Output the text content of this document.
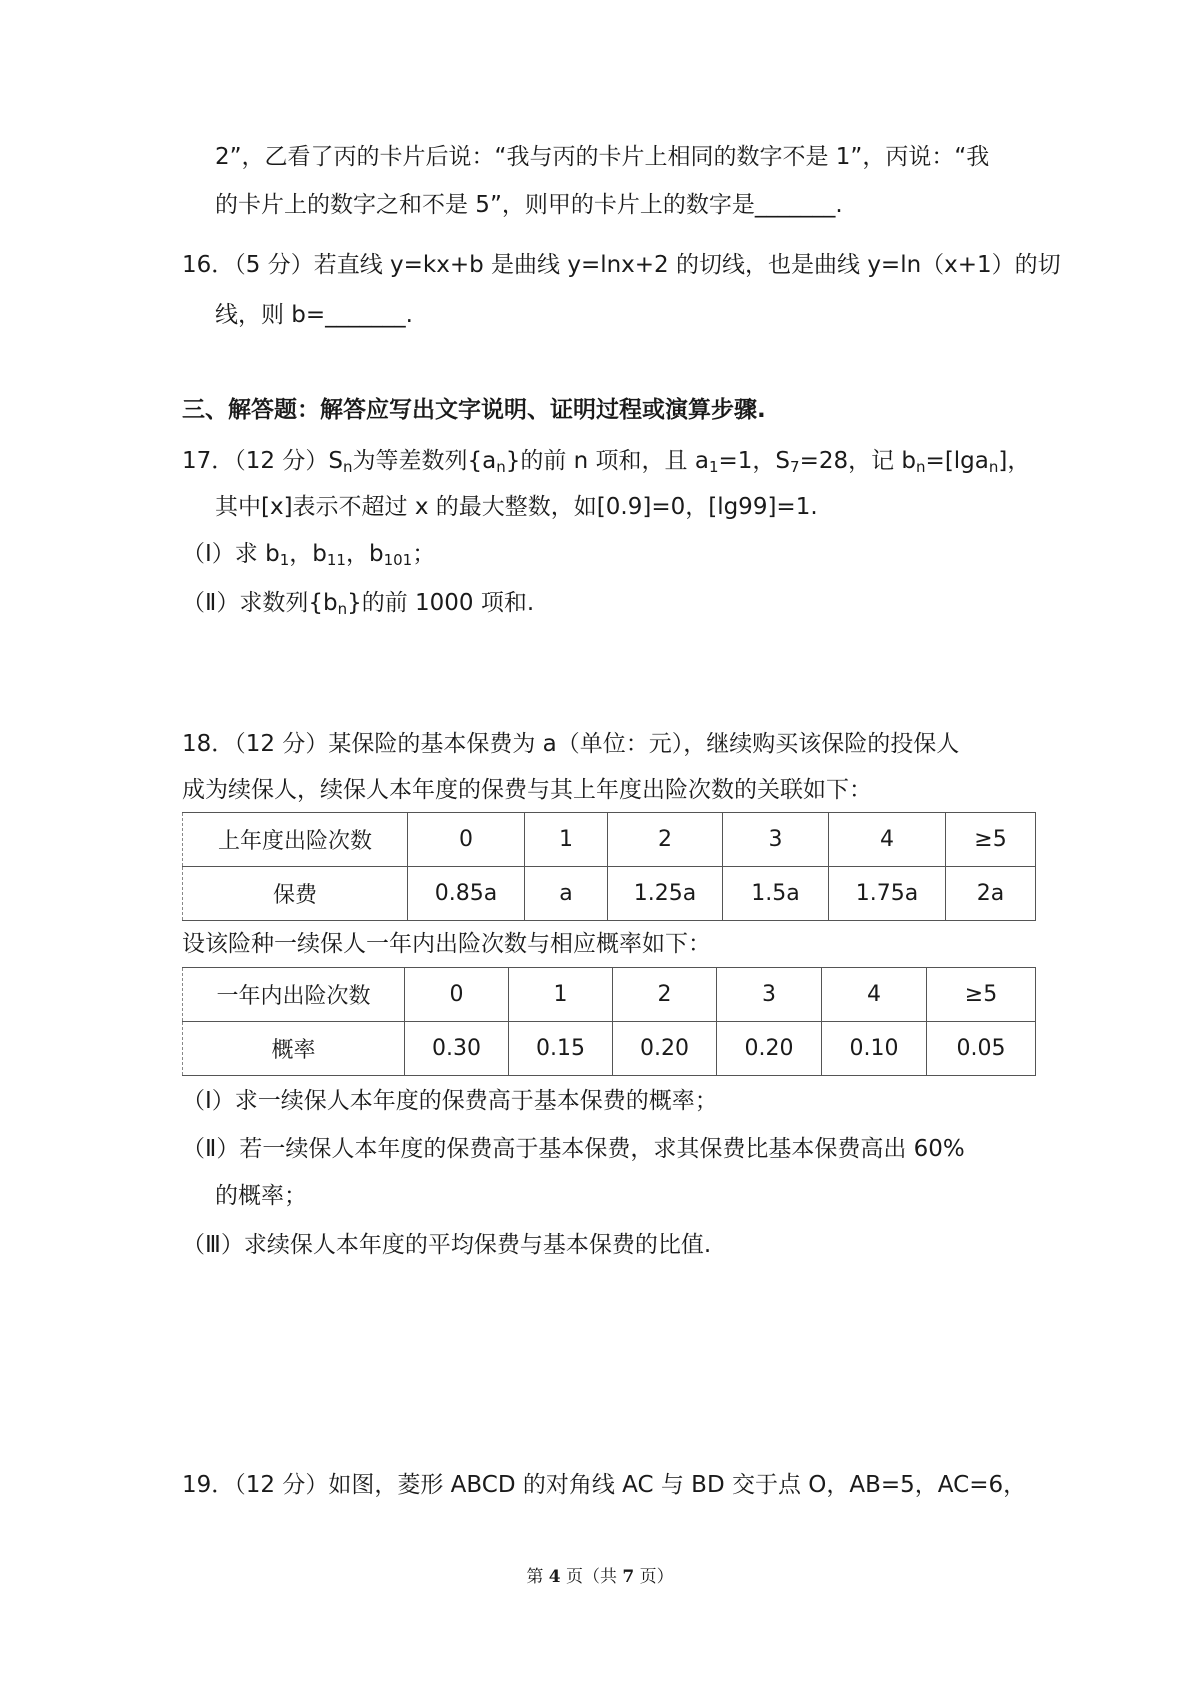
2”，乙看了丙的卡片后说：“我与丙的卡片上相同的数字不是 1”，丙说：“我
的卡片上的数字之和不是 5”，则甲的卡片上的数字是_______.
16．（5 分）若直线 y=kx+b 是曲线 y=lnx+2 的切线，也是曲线 y=ln（x+1）的切
线，则 b=_______.
三、解答题：解答应写出文字说明、证明过程或演算步骤.
17．（12 分）$S_n$为等差数列$\{a_n\}$的前 n 项和，且 $a_1=1$，$S_7=28$，记 $b_n=[\lg a_n]$，
其中[x]表示不超过 x 的最大整数，如[0.9]=0，[lg99]=1.
（Ⅰ）求 $b_1$，$b_{11}$，$b_{101}$；
（Ⅱ）求数列$\{b_n\}$的前 1000 项和.
18．（12 分）某保险的基本保费为 a（单位：元），继续购买该保险的投保人
成为续保人，续保人本年度的保费与其上年度出险次数的关联如下：
上年度出险次数	0	1	2	3	4	≥5
保费	0.85a	a	1.25a	1.5a	1.75a	2a
设该险种一续保人一年内出险次数与相应概率如下：
一年内出险次数	0	1	2	3	4	≥5
概率	0.30	0.15	0.20	0.20	0.10	0.05
（Ⅰ）求一续保人本年度的保费高于基本保费的概率；
（Ⅱ）若一续保人本年度的保费高于基本保费，求其保费比基本保费高出 60%
的概率；
（Ⅲ）求续保人本年度的平均保费与基本保费的比值.
19．（12 分）如图，菱形 ABCD 的对角线 AC 与 BD 交于点 O，AB=5，AC=6，
第 4 页（共 7 页）
